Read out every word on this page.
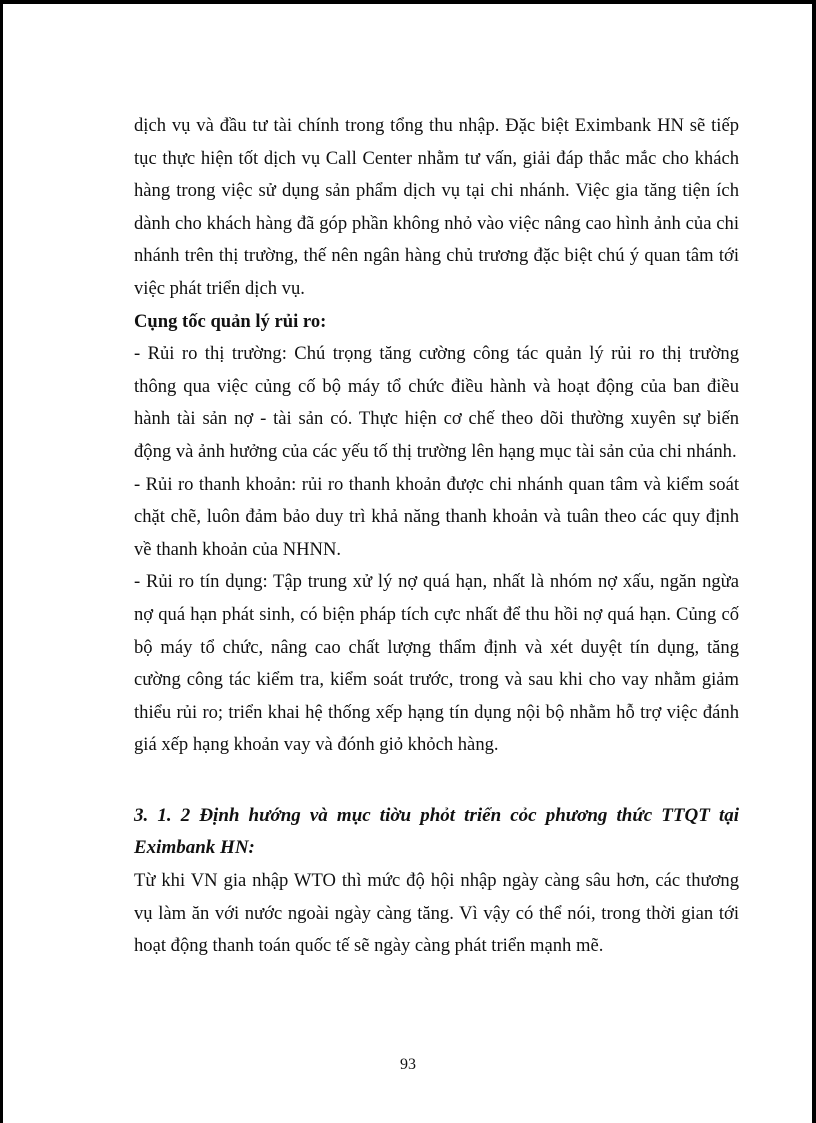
dịch vụ và đầu tư tài chính trong tổng thu nhập. Đặc biệt Eximbank HN sẽ tiếp tục thực hiện tốt dịch vụ Call Center nhằm tư vấn, giải đáp thắc mắc cho khách hàng trong việc sử dụng sản phẩm dịch vụ tại chi nhánh. Việc gia tăng tiện ích dành cho khách hàng đã góp phần không nhỏ vào việc nâng cao hình ảnh của chi nhánh trên thị trường, thế nên ngân hàng chủ trương đặc biệt chú ý quan tâm tới việc phát triển dịch vụ.

Cụng tốc quản lý rủi ro:

- Rủi ro thị trường: Chú trọng tăng cường công tác quản lý rủi ro thị trường thông qua việc củng cố bộ máy tổ chức điều hành và hoạt động của ban điều hành tài sản nợ - tài sản có. Thực hiện cơ chế theo dõi thường xuyên sự biến động và ảnh hưởng của các yếu tố thị trường lên hạng mục tài sản của chi nhánh.

- Rủi ro thanh khoản: rủi ro thanh khoản được chi nhánh quan tâm và kiểm soát chặt chẽ, luôn đảm bảo duy trì khả năng thanh khoản và tuân theo các quy định về thanh khoản của NHNN.

- Rủi ro tín dụng: Tập trung xử lý nợ quá hạn, nhất là nhóm nợ xấu, ngăn ngừa nợ quá hạn phát sinh, có biện pháp tích cực nhất để thu hồi nợ quá hạn. Củng cố bộ máy tổ chức, nâng cao chất lượng thẩm định và xét duyệt tín dụng, tăng cường công tác kiểm tra, kiểm soát trước, trong và sau khi cho vay nhằm giảm thiểu rủi ro; triển khai hệ thống xếp hạng tín dụng nội bộ nhằm hỗ trợ việc đánh giá xếp hạng khoản vay và đónh giỏ khỏch hàng.

3. 1. 2 Định hướng và mục tiờu phỏt triển cỏc phương thức TTQT tại Eximbank HN:

Từ khi VN gia nhập WTO thì mức độ hội nhập ngày càng sâu hơn, các thương vụ làm ăn với nước ngoài ngày càng tăng. Vì vậy có thể nói, trong thời gian tới hoạt động thanh toán quốc tế sẽ ngày càng phát triển mạnh mẽ.

93
